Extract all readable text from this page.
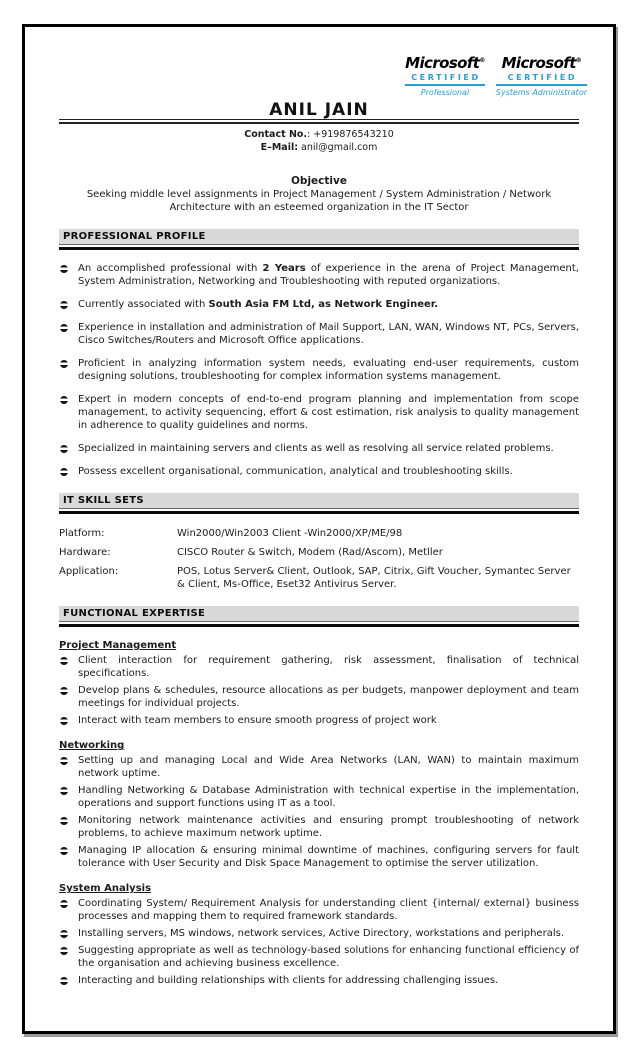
ANIL JAIN
Microsoft®
CERTIFIED
Professional
Microsoft®
CERTIFIED
Systems Administrator
Contact No.: +919876543210
E–Mail: anil@gmail.com
Objective
Seeking middle level assignments in Project Management / System Administration / Network Architecture with an esteemed organization in the IT Sector
PROFESSIONAL PROFILE
An accomplished professional with 2 Years of experience in the arena of Project Management, System Administration, Networking and Troubleshooting with reputed organizations.
Currently associated with South Asia FM Ltd, as Network Engineer.
Experience in installation and administration of Mail Support, LAN, WAN, Windows NT, PCs, Servers, Cisco Switches/Routers and Microsoft Office applications.
Proficient in analyzing information system needs, evaluating end-user requirements, custom designing solutions, troubleshooting for complex information systems management.
Expert in modern concepts of end-to-end program planning and implementation from scope management, to activity sequencing, effort & cost estimation, risk analysis to quality management in adherence to quality guidelines and norms.
Specialized in maintaining servers and clients as well as resolving all service related problems.
Possess excellent organisational, communication, analytical and troubleshooting skills.
IT SKILL SETS
Platform:	Win2000/Win2003 Client -Win2000/XP/ME/98
Hardware:	CISCO Router & Switch, Modem (Rad/Ascom), Metller
Application:	POS, Lotus Server& Client, Outlook, SAP, Citrix, Gift Voucher, Symantec Server & Client, Ms-Office, Eset32 Antivirus Server.
FUNCTIONAL EXPERTISE
Project Management
Client interaction for requirement gathering, risk assessment, finalisation of technical specifications.
Develop plans & schedules, resource allocations as per budgets, manpower deployment and team meetings for individual projects.
Interact with team members to ensure smooth progress of project work
Networking
Setting up and managing Local and Wide Area Networks (LAN, WAN) to maintain maximum network uptime.
Handling Networking & Database Administration with technical expertise in the implementation, operations and support functions using IT as a tool.
Monitoring network maintenance activities and ensuring prompt troubleshooting of network problems, to achieve maximum network uptime.
Managing IP allocation & ensuring minimal downtime of machines, configuring servers for fault tolerance with User Security and Disk Space Management to optimise the server utilization.
System Analysis
Coordinating System/ Requirement Analysis for understanding client {internal/ external} business processes and mapping them to required framework standards.
Installing servers, MS windows, network services, Active Directory, workstations and peripherals.
Suggesting appropriate as well as technology-based solutions for enhancing functional efficiency of the organisation and achieving business excellence.
Interacting and building relationships with clients for addressing challenging issues.
